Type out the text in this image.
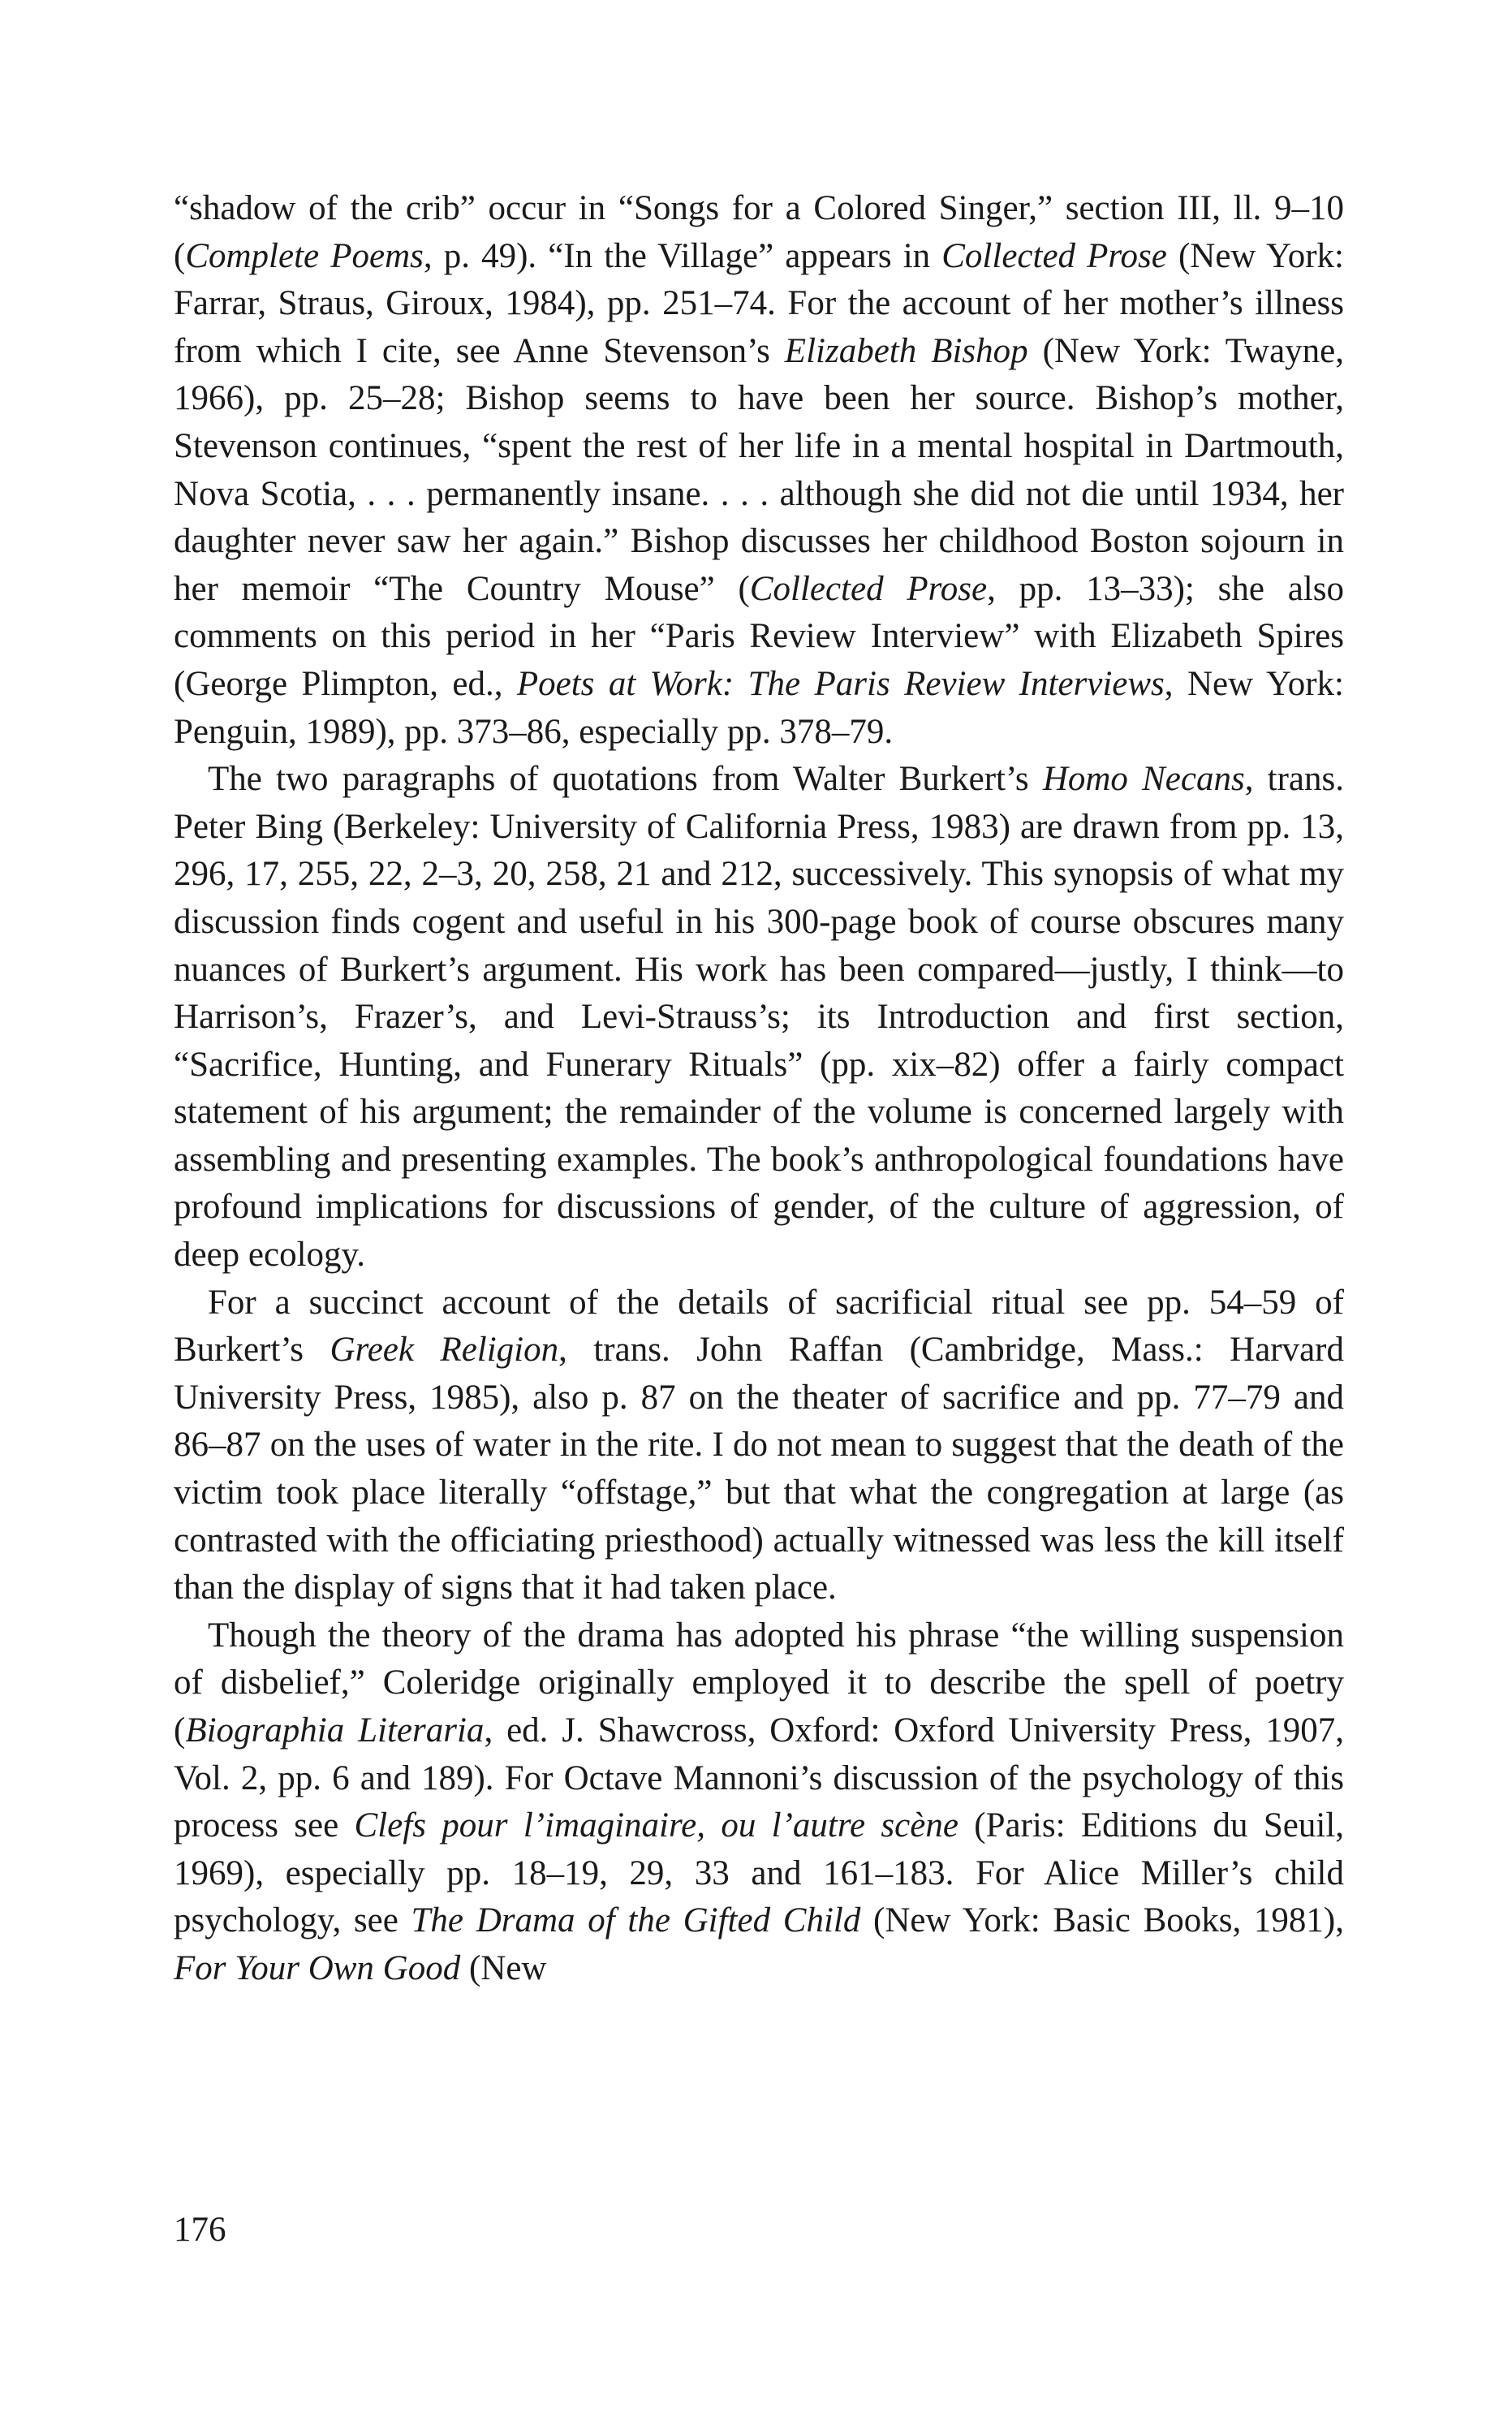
“shadow of the crib” occur in “Songs for a Colored Singer,” section III, ll. 9–10 (Complete Poems, p. 49). “In the Village” appears in Collected Prose (New York: Farrar, Straus, Giroux, 1984), pp. 251–74. For the account of her mother’s illness from which I cite, see Anne Stevenson’s Elizabeth Bishop (New York: Twayne, 1966), pp. 25–28; Bishop seems to have been her source. Bishop’s mother, Stevenson continues, “spent the rest of her life in a mental hospital in Dartmouth, Nova Scotia, . . . permanently insane. . . . although she did not die until 1934, her daughter never saw her again.” Bishop discusses her childhood Boston sojourn in her memoir “The Country Mouse” (Collected Prose, pp. 13–33); she also comments on this period in her “Paris Review Interview” with Elizabeth Spires (George Plimpton, ed., Poets at Work: The Paris Review Interviews, New York: Penguin, 1989), pp. 373–86, especially pp. 378–79.

The two paragraphs of quotations from Walter Burkert’s Homo Necans, trans. Peter Bing (Berkeley: University of California Press, 1983) are drawn from pp. 13, 296, 17, 255, 22, 2–3, 20, 258, 21 and 212, successively. This synopsis of what my discussion finds cogent and useful in his 300-page book of course obscures many nuances of Burkert’s argument. His work has been compared—justly, I think—to Harrison’s, Frazer’s, and Levi-Strauss’s; its Introduction and first section, “Sacrifice, Hunting, and Funerary Rituals” (pp. xix–82) offer a fairly compact statement of his argument; the remainder of the volume is concerned largely with assembling and presenting examples. The book’s anthropological foundations have profound implications for discussions of gender, of the culture of aggression, of deep ecology.

For a succinct account of the details of sacrificial ritual see pp. 54–59 of Burkert’s Greek Religion, trans. John Raffan (Cambridge, Mass.: Harvard University Press, 1985), also p. 87 on the theater of sacrifice and pp. 77–79 and 86–87 on the uses of water in the rite. I do not mean to suggest that the death of the victim took place literally “offstage,” but that what the congregation at large (as contrasted with the officiating priesthood) actually witnessed was less the kill itself than the display of signs that it had taken place.

Though the theory of the drama has adopted his phrase “the willing suspension of disbelief,” Coleridge originally employed it to describe the spell of poetry (Biographia Literaria, ed. J. Shawcross, Oxford: Oxford University Press, 1907, Vol. 2, pp. 6 and 189). For Octave Mannoni’s discussion of the psychology of this process see Clefs pour l’imaginaire, ou l’autre scène (Paris: Editions du Seuil, 1969), especially pp. 18–19, 29, 33 and 161–183. For Alice Miller’s child psychology, see The Drama of the Gifted Child (New York: Basic Books, 1981), For Your Own Good (New

176
